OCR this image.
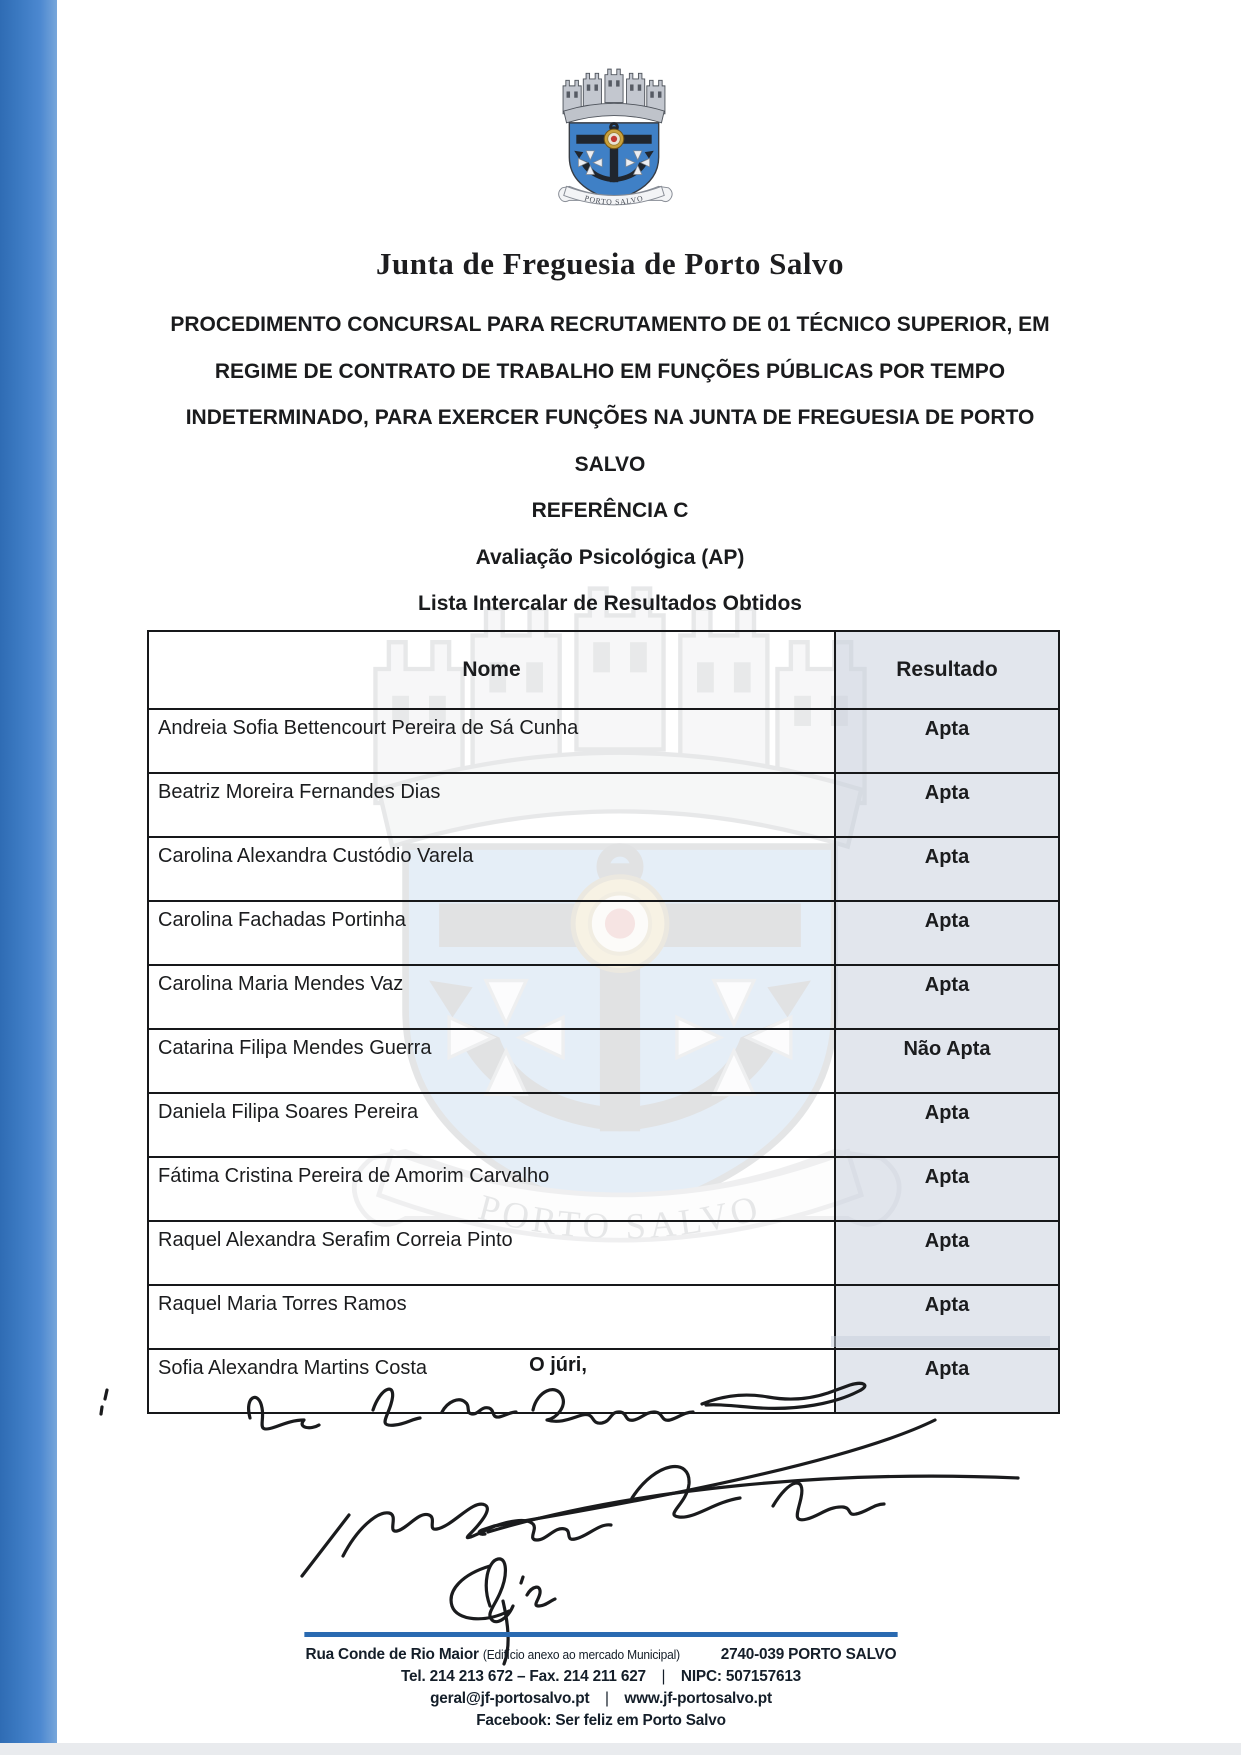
Junta de Freguesia de Porto Salvo
PROCEDIMENTO CONCURSAL PARA RECRUTAMENTO DE 01 TÉCNICO SUPERIOR, EM
REGIME DE CONTRATO DE TRABALHO EM FUNÇÕES PÚBLICAS POR TEMPO
INDETERMINADO, PARA EXERCER FUNÇÕES NA JUNTA DE FREGUESIA DE PORTO
SALVO
REFERÊNCIA C
Avaliação Psicológica (AP)
Lista Intercalar de Resultados Obtidos
Nome	Resultado
Andreia Sofia Bettencourt Pereira de Sá Cunha	Apta
Beatriz Moreira Fernandes Dias	Apta
Carolina Alexandra Custódio Varela	Apta
Carolina Fachadas Portinha	Apta
Carolina Maria Mendes Vaz	Apta
Catarina Filipa Mendes Guerra	Não Apta
Daniela Filipa Soares Pereira	Apta
Fátima Cristina Pereira de Amorim Carvalho	Apta
Raquel Alexandra Serafim Correia Pinto	Apta
Raquel Maria Torres Ramos	Apta
Sofia Alexandra Martins Costa	Apta
O júri,
Rua Conde de Rio Maior (Edifício anexo ao mercado Municipal)	2740-039 PORTO SALVO
Tel. 214 213 672 – Fax. 214 211 627 | NIPC: 507157613
geral@jf-portosalvo.pt | www.jf-portosalvo.pt
Facebook: Ser feliz em Porto Salvo
